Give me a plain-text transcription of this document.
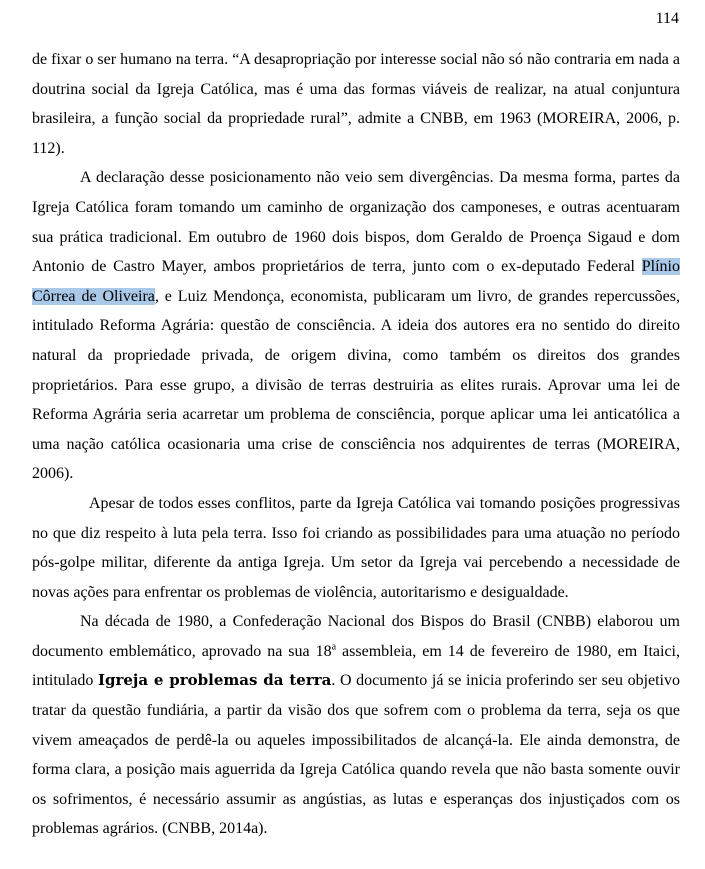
114

de fixar o ser humano na terra. “A desapropriação por interesse social não só não contraria em nada a doutrina social da Igreja Católica, mas é uma das formas viáveis de realizar, na atual conjuntura brasileira, a função social da propriedade rural”, admite a CNBB, em 1963 (MOREIRA, 2006, p. 112).

A declaração desse posicionamento não veio sem divergências. Da mesma forma, partes da Igreja Católica foram tomando um caminho de organização dos camponeses, e outras acentuaram sua prática tradicional. Em outubro de 1960 dois bispos, dom Geraldo de Proença Sigaud e dom Antonio de Castro Mayer, ambos proprietários de terra, junto com o ex-deputado Federal Plínio Côrrea de Oliveira, e Luiz Mendonça, economista, publicaram um livro, de grandes repercussões, intitulado Reforma Agrária: questão de consciência. A ideia dos autores era no sentido do direito natural da propriedade privada, de origem divina, como também os direitos dos grandes proprietários. Para esse grupo, a divisão de terras destruiria as elites rurais. Aprovar uma lei de Reforma Agrária seria acarretar um problema de consciência, porque aplicar uma lei anticatólica a uma nação católica ocasionaria uma crise de consciência nos adquirentes de terras (MOREIRA, 2006).

Apesar de todos esses conflitos, parte da Igreja Católica vai tomando posições progressivas no que diz respeito à luta pela terra. Isso foi criando as possibilidades para uma atuação no período pós-golpe militar, diferente da antiga Igreja. Um setor da Igreja vai percebendo a necessidade de novas ações para enfrentar os problemas de violência, autoritarismo e desigualdade.

Na década de 1980, a Confederação Nacional dos Bispos do Brasil (CNBB) elaborou um documento emblemático, aprovado na sua 18$^a$ assembleia, em 14 de fevereiro de 1980, em Itaici, intitulado Igreja e problemas da terra. O documento já se inicia proferindo ser seu objetivo tratar da questão fundiária, a partir da visão dos que sofrem com o problema da terra, seja os que vivem ameaçados de perdê-la ou aqueles impossibilitados de alcançá-la. Ele ainda demonstra, de forma clara, a posição mais aguerrida da Igreja Católica quando revela que não basta somente ouvir os sofrimentos, é necessário assumir as angústias, as lutas e esperanças dos injustiçados com os problemas agrários. (CNBB, 2014a).
